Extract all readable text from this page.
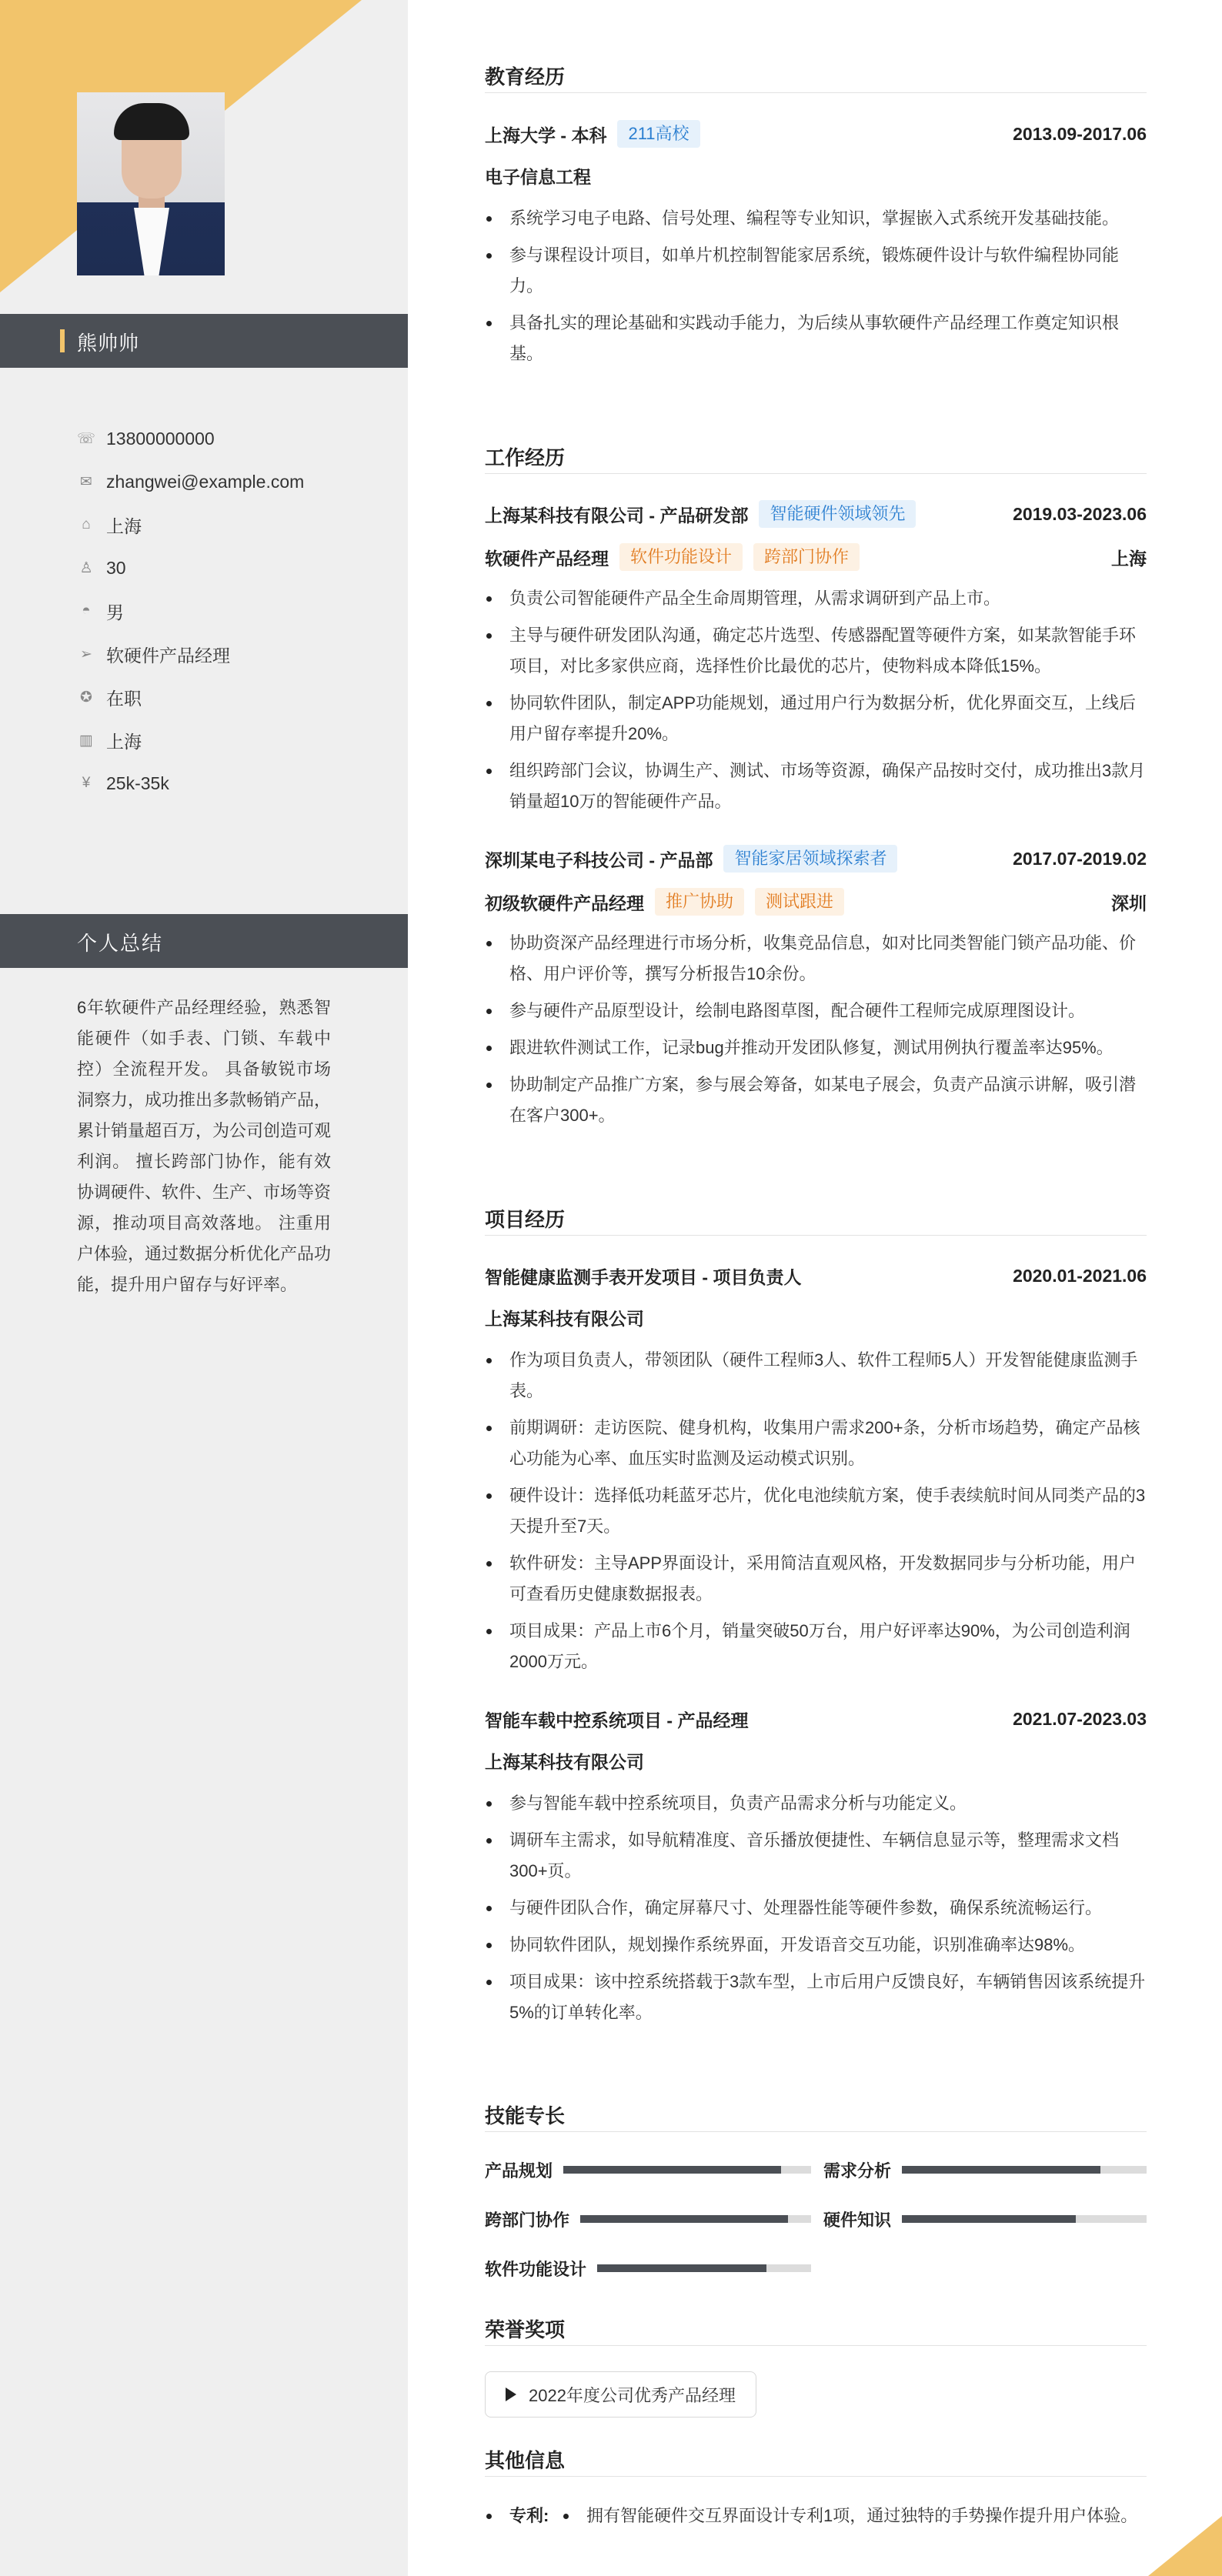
熊帅帅
☏ 13800000000
✉ zhangwei@example.com
⌂ 上海
♙ 30
◓ 男
➢ 软硬件产品经理
✪ 在职
▥ 上海
¥ 25k-35k
个人总结
6年软硬件产品经理经验，熟悉智能硬件（如手表、门锁、车载中控）全流程开发。 具备敏锐市场洞察力，成功推出多款畅销产品，累计销量超百万，为公司创造可观利润。 擅长跨部门协作，能有效协调硬件、软件、生产、市场等资源，推动项目高效落地。 注重用户体验，通过数据分析优化产品功能，提升用户留存与好评率。
教育经历
上海大学 - 本科	211高校	2013.09-2017.06
电子信息工程
系统学习电子电路、信号处理、编程等专业知识，掌握嵌入式系统开发基础技能。
参与课程设计项目，如单片机控制智能家居系统，锻炼硬件设计与软件编程协同能力。
具备扎实的理论基础和实践动手能力，为后续从事软硬件产品经理工作奠定知识根基。
工作经历
上海某科技有限公司 - 产品研发部	智能硬件领域领先	2019.03-2023.06
软硬件产品经理	软件功能设计	跨部门协作	上海
负责公司智能硬件产品全生命周期管理，从需求调研到产品上市。
主导与硬件研发团队沟通，确定芯片选型、传感器配置等硬件方案，如某款智能手环项目，对比多家供应商，选择性价比最优的芯片，使物料成本降低15%。
协同软件团队，制定APP功能规划，通过用户行为数据分析，优化界面交互，上线后用户留存率提升20%。
组织跨部门会议，协调生产、测试、市场等资源，确保产品按时交付，成功推出3款月销量超10万的智能硬件产品。
深圳某电子科技公司 - 产品部	智能家居领域探索者	2017.07-2019.02
初级软硬件产品经理	推广协助	测试跟进	深圳
协助资深产品经理进行市场分析，收集竞品信息，如对比同类智能门锁产品功能、价格、用户评价等，撰写分析报告10余份。
参与硬件产品原型设计，绘制电路图草图，配合硬件工程师完成原理图设计。
跟进软件测试工作，记录bug并推动开发团队修复，测试用例执行覆盖率达95%。
协助制定产品推广方案，参与展会筹备，如某电子展会，负责产品演示讲解，吸引潜在客户300+。
项目经历
智能健康监测手表开发项目 - 项目负责人	2020.01-2021.06
上海某科技有限公司
作为项目负责人，带领团队（硬件工程师3人、软件工程师5人）开发智能健康监测手表。
前期调研：走访医院、健身机构，收集用户需求200+条，分析市场趋势，确定产品核心功能为心率、血压实时监测及运动模式识别。
硬件设计：选择低功耗蓝牙芯片，优化电池续航方案，使手表续航时间从同类产品的3天提升至7天。
软件研发：主导APP界面设计，采用简洁直观风格，开发数据同步与分析功能，用户可查看历史健康数据报表。
项目成果：产品上市6个月，销量突破50万台，用户好评率达90%，为公司创造利润2000万元。
智能车载中控系统项目 - 产品经理	2021.07-2023.03
上海某科技有限公司
参与智能车载中控系统项目，负责产品需求分析与功能定义。
调研车主需求，如导航精准度、音乐播放便捷性、车辆信息显示等，整理需求文档300+页。
与硬件团队合作，确定屏幕尺寸、处理器性能等硬件参数，确保系统流畅运行。
协同软件团队，规划操作系统界面，开发语音交互功能，识别准确率达98%。
项目成果：该中控系统搭载于3款车型，上市后用户反馈良好，车辆销售因该系统提升5%的订单转化率。
技能专长
产品规划	需求分析
跨部门协作	硬件知识
软件功能设计
荣誉奖项
2022年度公司优秀产品经理
其他信息
专利: 拥有智能硬件交互界面设计专利1项，通过独特的手势操作提升用户体验。
